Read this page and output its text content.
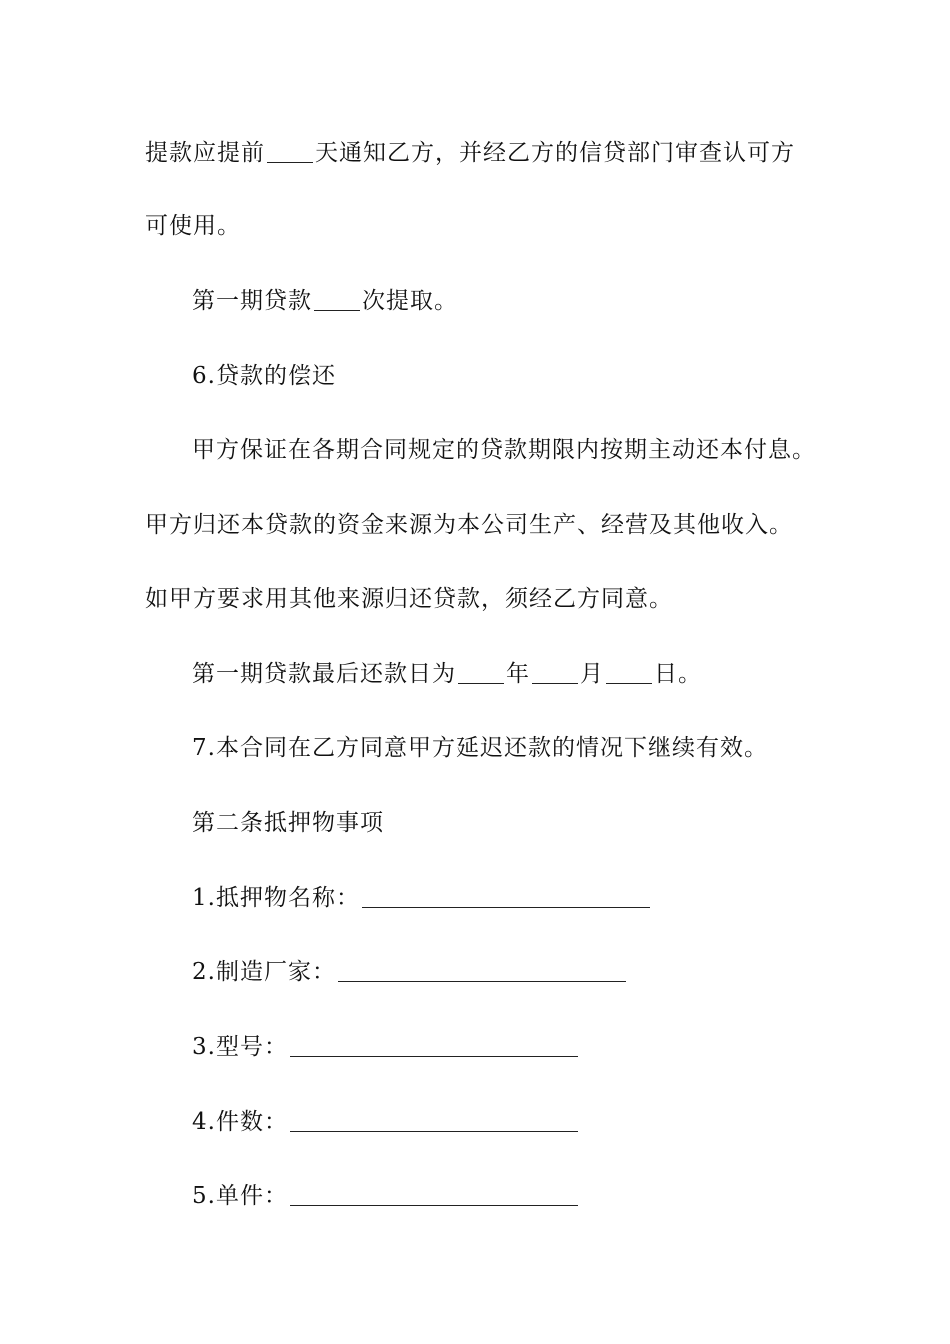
提款应提前 天通知乙方，并经乙方的信贷部门审查认可方
可使用。
第一期贷款 次提取。
6.贷款的偿还
甲方保证在各期合同规定的贷款期限内按期主动还本付息。
甲方归还本贷款的资金来源为本公司生产、经营及其他收入。
如甲方要求用其他来源归还贷款，须经乙方同意。
第一期贷款最后还款日为 年 月 日。
7.本合同在乙方同意甲方延迟还款的情况下继续有效。
第二条抵押物事项
1.抵押物名称：
2.制造厂家：
3.型号：
4.件数：
5.单件：
